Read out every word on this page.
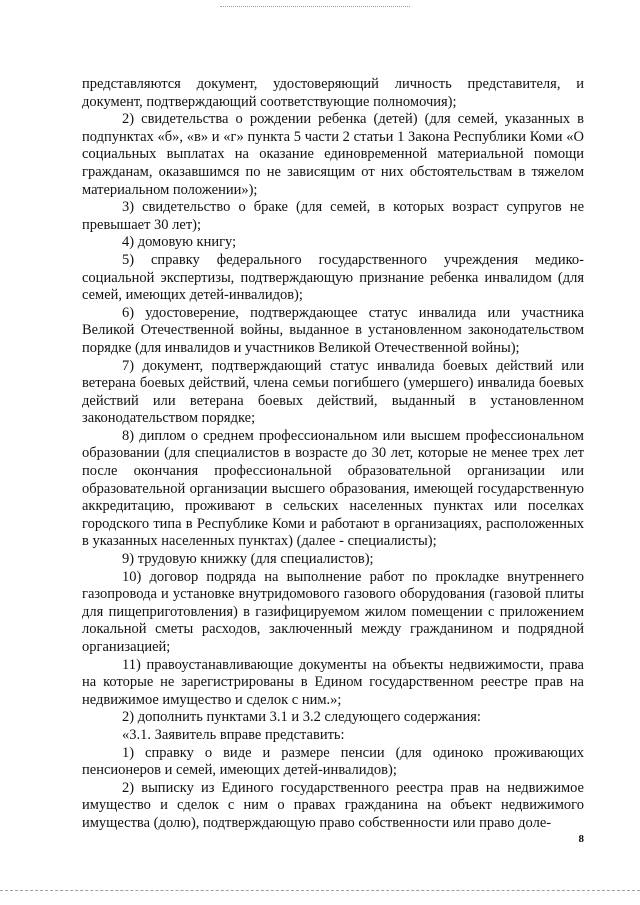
представляются документ, удостоверяющий личность представителя, и документ, подтверждающий соответствующие полномочия);

2) свидетельства о рождении ребенка (детей) (для семей, указанных в подпунктах «б», «в» и «г» пункта 5 части 2 статьи 1 Закона Республики Коми «О социальных выплатах на оказание единовременной материальной помощи гражданам, оказавшимся по не зависящим от них обстоятельствам в тяжелом материальном положении»);

3) свидетельство о браке (для семей, в которых возраст супругов не превышает 30 лет);

4) домовую книгу;

5) справку федерального государственного учреждения медико-социальной экспертизы, подтверждающую признание ребенка инвалидом (для семей, имеющих детей-инвалидов);

6) удостоверение, подтверждающее статус инвалида или участника Великой Отечественной войны, выданное в установленном законодательством порядке (для инвалидов и участников Великой Отечественной войны);

7) документ, подтверждающий статус инвалида боевых действий или ветерана боевых действий, члена семьи погибшего (умершего) инвалида боевых действий или ветерана боевых действий, выданный в установленном законодательством порядке;

8) диплом о среднем профессиональном или высшем профессиональном образовании (для специалистов в возрасте до 30 лет, которые не менее трех лет после окончания профессиональной образовательной организации или образовательной организации высшего образования, имеющей государственную аккредитацию, проживают в сельских населенных пунктах или поселках городского типа в Республике Коми и работают в организациях, расположенных в указанных населенных пунктах) (далее - специалисты);

9) трудовую книжку (для специалистов);

10) договор подряда на выполнение работ по прокладке внутреннего газопровода и установке внутридомового газового оборудования (газовой плиты для пищеприготовления) в газифицируемом жилом помещении с приложением локальной сметы расходов, заключенный между гражданином и подрядной организацией;

11) правоустанавливающие документы на объекты недвижимости, права на которые не зарегистрированы в Едином государственном реестре прав на недвижимое имущество и сделок с ним.»;

2) дополнить пунктами 3.1 и 3.2 следующего содержания:

«3.1. Заявитель вправе представить:

1) справку о виде и размере пенсии (для одиноко проживающих пенсионеров и семей, имеющих детей-инвалидов);

2) выписку из Единого государственного реестра прав на недвижимое имущество и сделок с ним о правах гражданина на объект недвижимого имущества (долю), подтверждающую право собственности или право доле-

8
